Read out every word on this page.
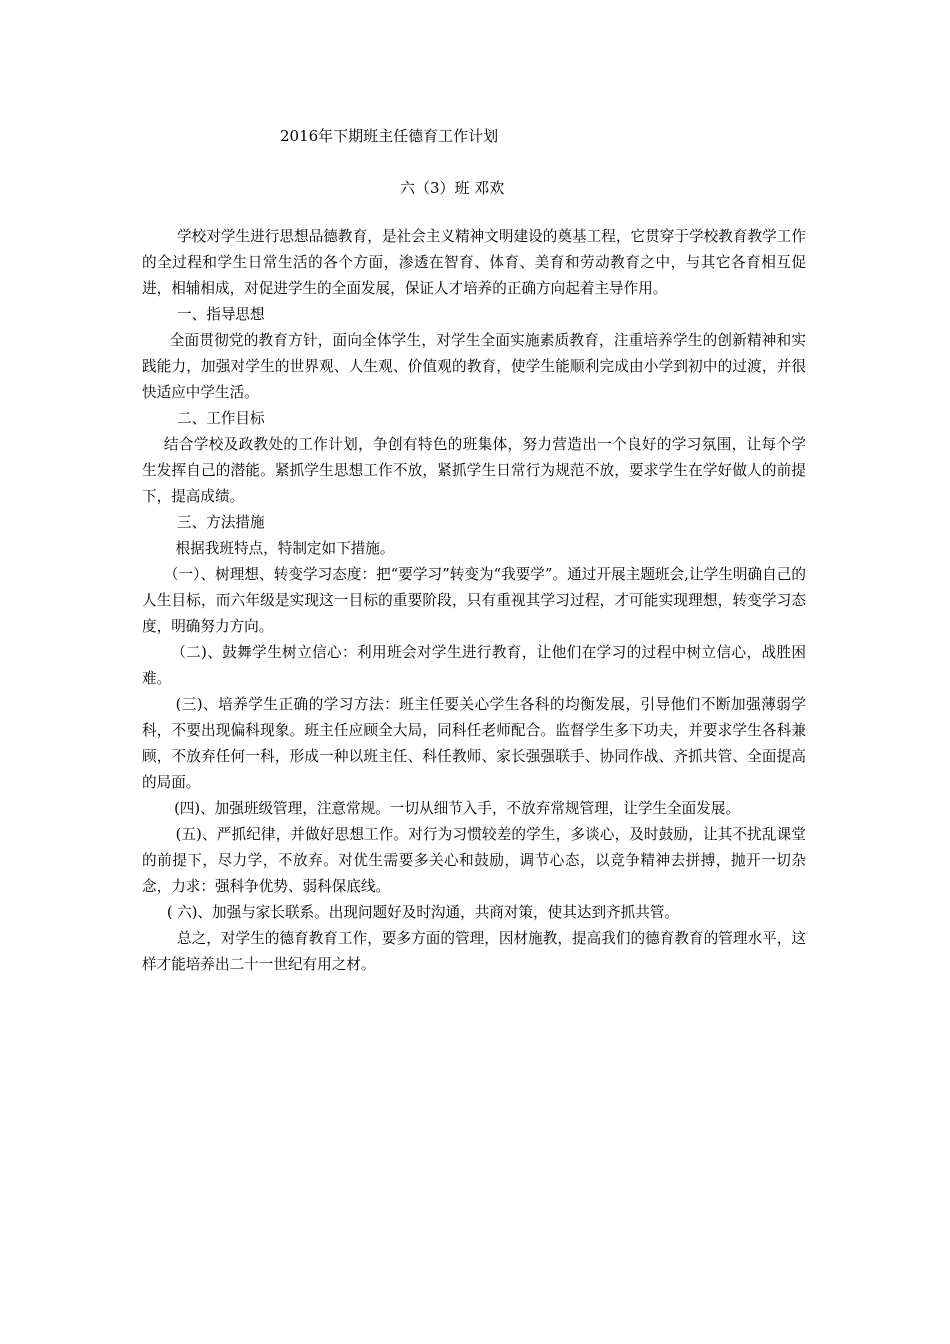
2016年下期班主任德育工作计划
六（3）班 邓欢

学校对学生进行思想品德教育，是社会主义精神文明建设的奠基工程，它贯穿于学校教育教学工作的全过程和学生日常生活的各个方面，渗透在智育、体育、美育和劳动教育之中，与其它各育相互促进，相辅相成，对促进学生的全面发展，保证人才培养的正确方向起着主导作用。

一、指导思想

全面贯彻党的教育方针，面向全体学生，对学生全面实施素质教育，注重培养学生的创新精神和实践能力，加强对学生的世界观、人生观、价值观的教育，使学生能顺利完成由小学到初中的过渡，并很快适应中学生活。

二、工作目标

结合学校及政教处的工作计划，争创有特色的班集体，努力营造出一个良好的学习氛围，让每个学生发挥自己的潜能。紧抓学生思想工作不放，紧抓学生日常行为规范不放，要求学生在学好做人的前提下，提高成绩。

三、方法措施

根据我班特点，特制定如下措施。

（一）、树理想、转变学习态度：把“要学习”转变为“我要学”。通过开展主题班会,让学生明确自己的人生目标，而六年级是实现这一目标的重要阶段，只有重视其学习过程，才可能实现理想，转变学习态度，明确努力方向。

（二)、鼓舞学生树立信心：利用班会对学生进行教育，让他们在学习的过程中树立信心，战胜困难。

(三)、培养学生正确的学习方法：班主任要关心学生各科的均衡发展，引导他们不断加强薄弱学科，不要出现偏科现象。班主任应顾全大局，同科任老师配合。监督学生多下功夫，并要求学生各科兼顾，不放弃任何一科，形成一种以班主任、科任教师、家长强强联手、协同作战、齐抓共管、全面提高的局面。

(四)、加强班级管理，注意常规。一切从细节入手，不放弃常规管理，让学生全面发展。

(五)、严抓纪律，并做好思想工作。对行为习惯较差的学生，多谈心，及时鼓励，让其不扰乱课堂的前提下，尽力学，不放弃。对优生需要多关心和鼓励，调节心态，以竞争精神去拼搏，抛开一切杂念，力求：强科争优势、弱科保底线。

( 六)、加强与家长联系。出现问题好及时沟通，共商对策，使其达到齐抓共管。

总之，对学生的德育教育工作，要多方面的管理，因材施教，提高我们的德育教育的管理水平，这样才能培养出二十一世纪有用之材。
